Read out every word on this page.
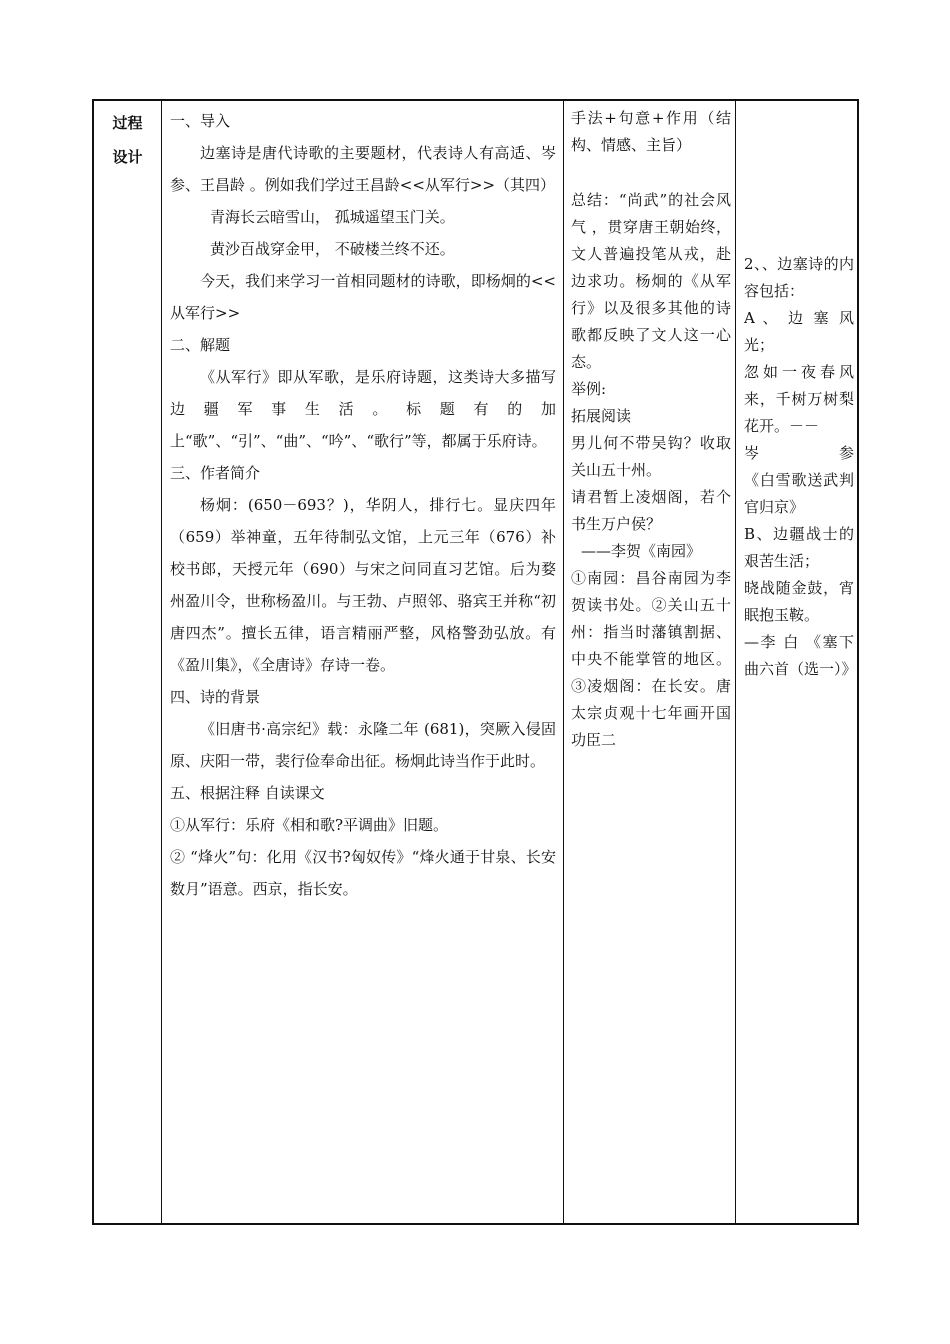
过程
设计

一、导入

边塞诗是唐代诗歌的主要题材，代表诗人有高适、岑参、王昌龄 。例如我们学过王昌龄<<从军行>>（其四）

青海长云暗雪山， 孤城遥望玉门关。

黄沙百战穿金甲， 不破楼兰终不还。

今天，我们来学习一首相同题材的诗歌，即杨炯的<<从军行>>

二、解题

《从军行》即从军歌，是乐府诗题，这类诗大多描写边疆军事生活。标题有的加上“歌”、“引”、“曲”、“吟”、“歌行”等，都属于乐府诗。

三、作者简介

杨炯：(650－693？)，华阴人，排行七。显庆四年（659）举神童，五年待制弘文馆，上元三年（676）补校书郎，天授元年（690）与宋之问同直习艺馆。后为婺州盈川令，世称杨盈川。与王勃、卢照邻、骆宾王并称“初唐四杰”。擅长五律，语言精丽严整，风格警劲弘放。有《盈川集》，《全唐诗》存诗一卷。

四、诗的背景

《旧唐书·高宗纪》载：永隆二年 (681)，突厥入侵固原、庆阳一带，裴行俭奉命出征。杨炯此诗当作于此时。

五、根据注释 自读课文

①从军行：乐府《相和歌?平调曲》旧题。

② “烽火”句：化用《汉书?匈奴传》“烽火通于甘泉、长安数月”语意。西京，指长安。

手法+句意+作用（结构、情感、主旨）

总结：“尚武”的社会风气 ，贯穿唐王朝始终，文人普遍投笔从戎，赴边求功。杨炯的《从军行》以及很多其他的诗歌都反映了文人这一心态。

举例:

拓展阅读

男儿何不带吴钩？收取关山五十州。

请君暂上凌烟阁，若个书生万户侯？

——李贺《南园》

①南园：昌谷南园为李贺读书处。②关山五十州：指当时藩镇割据、中央不能掌管的地区。③凌烟阁：在长安。唐太宗贞观十七年画开国功臣二

2、、边塞诗的内容包括：

A 、 边 塞 风光；

忽如一夜春风来，千树万树梨花开。－－

岑 参

《白雪歌送武判官归京》

B、边疆战士的艰苦生活；

晓战随金鼓，宵眠抱玉鞍。

—李 白 《塞下曲六首（选一）》
